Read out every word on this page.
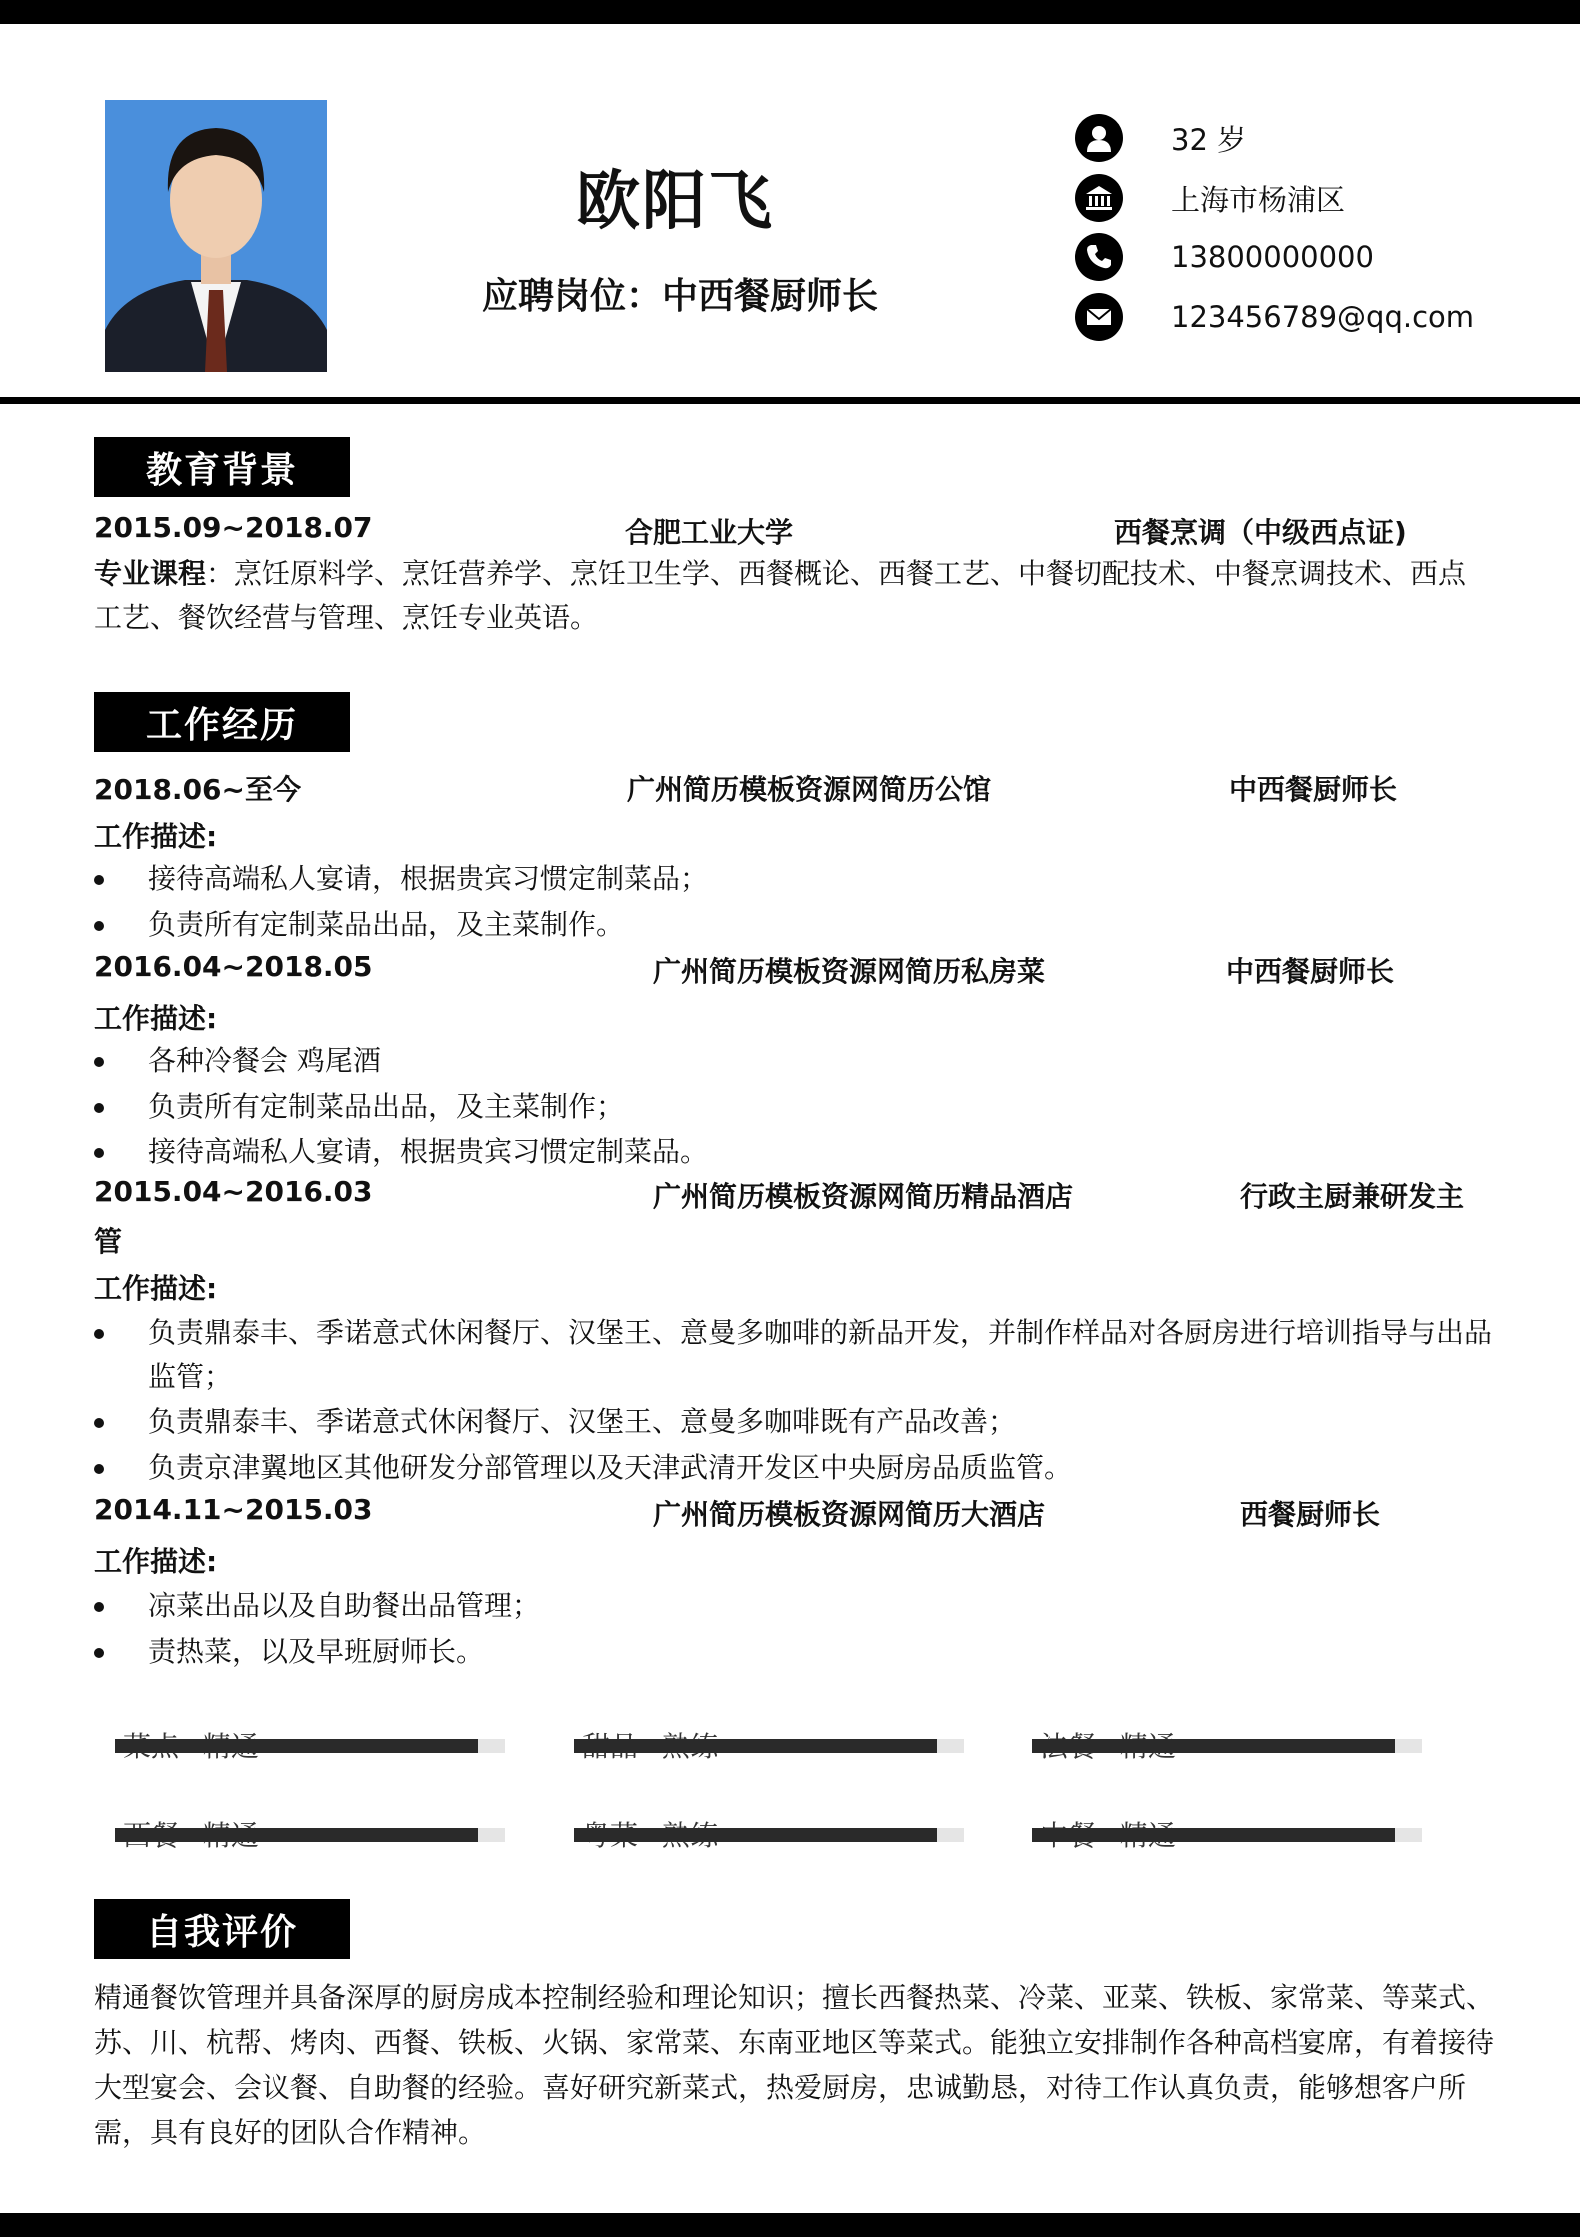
欧阳飞
应聘岗位：中西餐厨师长
32 岁
上海市杨浦区
13800000000
123456789@qq.com
教育背景
2015.09~2018.07	合肥工业大学	西餐烹调（中级西点证)
专业课程：烹饪原料学、烹饪营养学、烹饪卫生学、西餐概论、西餐工艺、中餐切配技术、中餐烹调技术、西点工艺、餐饮经营与管理、烹饪专业英语。
工作经历
2018.06~至今	广州简历模板资源网简历公馆	中西餐厨师长
工作描述:
接待高端私人宴请，根据贵宾习惯定制菜品；
负责所有定制菜品出品，及主菜制作。
2016.04~2018.05	广州简历模板资源网简历私房菜	中西餐厨师长
工作描述:
各种冷餐会 鸡尾酒
负责所有定制菜品出品，及主菜制作；
接待高端私人宴请，根据贵宾习惯定制菜品。
2015.04~2016.03	广州简历模板资源网简历精品酒店	行政主厨兼研发主
管
工作描述:
负责鼎泰丰、季诺意式休闲餐厅、汉堡王、意曼多咖啡的新品开发，并制作样品对各厨房进行培训指导与出品监管；
负责鼎泰丰、季诺意式休闲餐厅、汉堡王、意曼多咖啡既有产品改善；
负责京津翼地区其他研发分部管理以及天津武清开发区中央厨房品质监管。
2014.11~2015.03	广州简历模板资源网简历大酒店	西餐厨师长
工作描述:
凉菜出品以及自助餐出品管理；
责热菜，以及早班厨师长。
自我评价
精通餐饮管理并具备深厚的厨房成本控制经验和理论知识；擅长西餐热菜、冷菜、亚菜、铁板、家常菜、等菜式、苏、川、杭帮、烤肉、西餐、铁板、火锅、家常菜、东南亚地区等菜式。能独立安排制作各种高档宴席，有着接待大型宴会、会议餐、自助餐的经验。喜好研究新菜式，热爱厨房，忠诚勤恳，对待工作认真负责，能够想客户所需，具有良好的团队合作精神。
